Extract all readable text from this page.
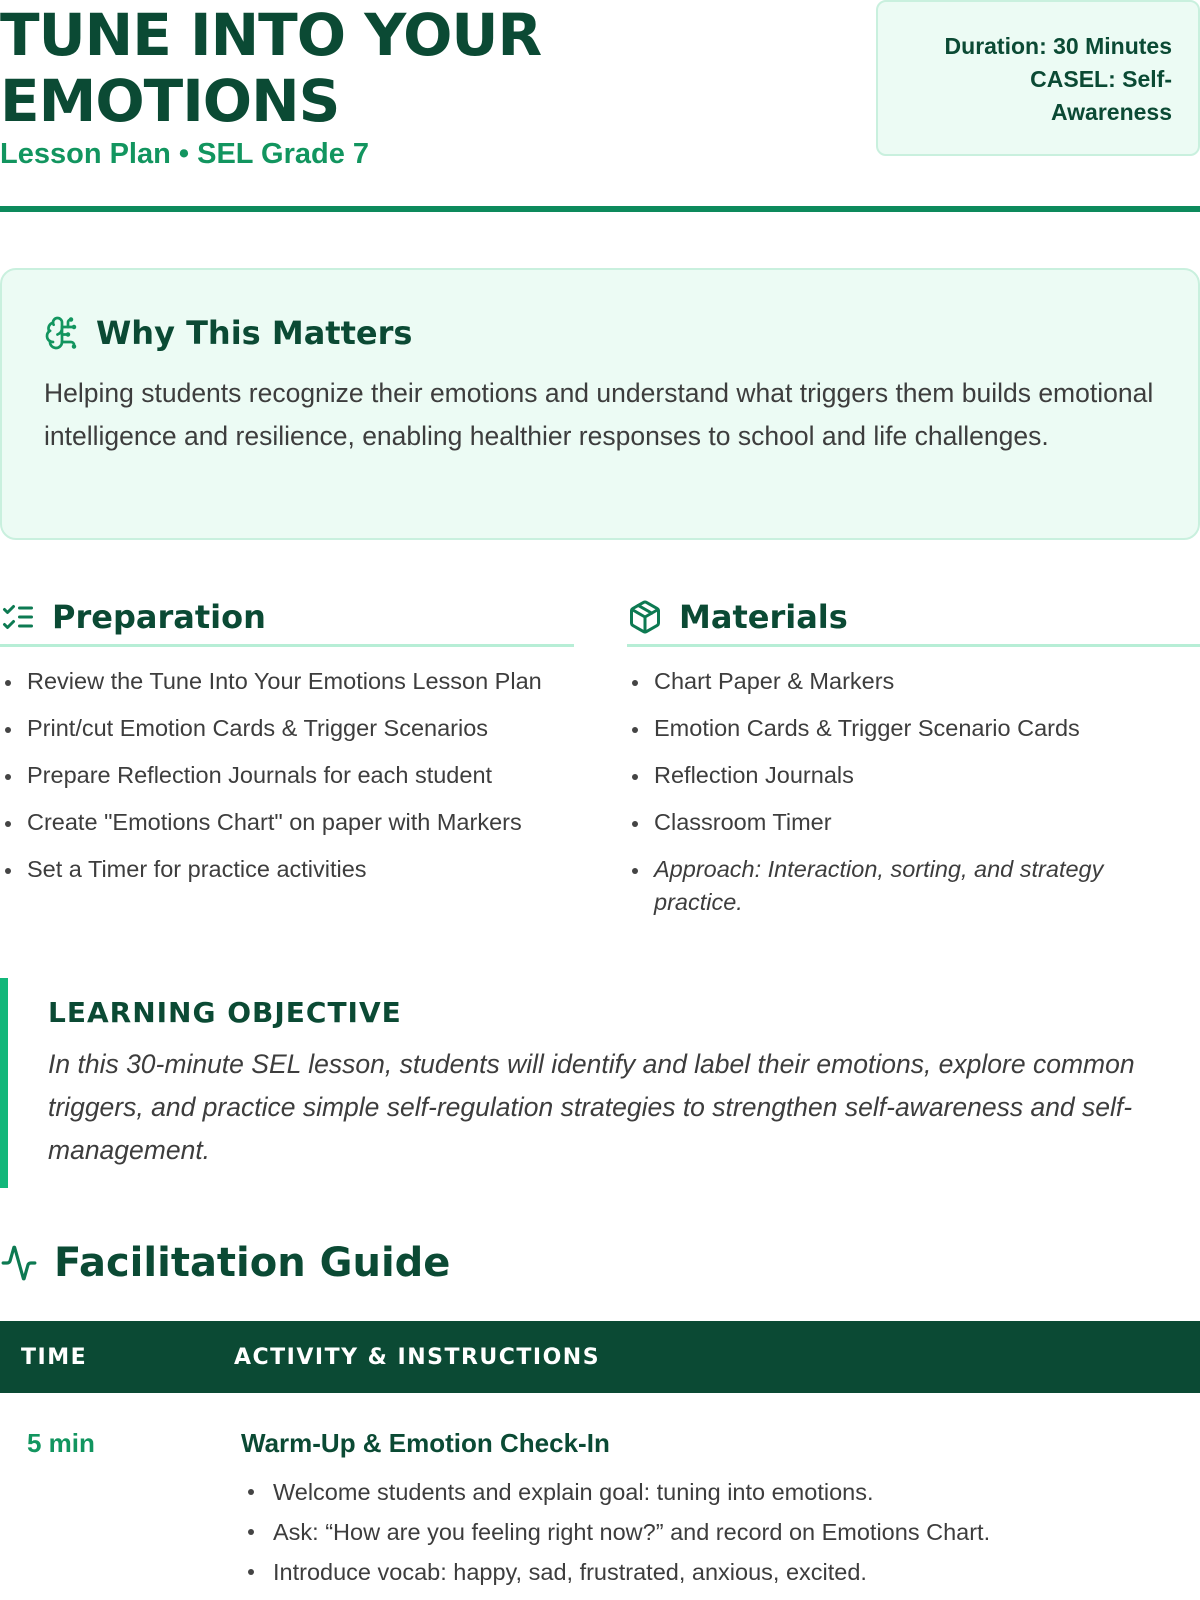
TUNE INTO YOUR EMOTIONS
Lesson Plan • SEL Grade 7
Duration: 30 Minutes
CASEL: Self-Awareness
Why This Matters

Helping students recognize their emotions and understand what triggers them builds emotional intelligence and resilience, enabling healthier responses to school and life challenges.

Preparation
Review the Tune Into Your Emotions Lesson Plan
Print/cut Emotion Cards & Trigger Scenarios
Prepare Reflection Journals for each student
Create "Emotions Chart" on paper with Markers
Set a Timer for practice activities
Materials
Chart Paper & Markers
Emotion Cards & Trigger Scenario Cards
Reflection Journals
Classroom Timer
Approach: Interaction, sorting, and strategy practice.
LEARNING OBJECTIVE

In this 30-minute SEL lesson, students will identify and label their emotions, explore common triggers, and practice simple self-regulation strategies to strengthen self-awareness and self-management.

Facilitation Guide
TIME	ACTIVITY & INSTRUCTIONS
5 min	Warm-Up & Emotion Check-In
Welcome students and explain goal: tuning into emotions.
Ask: “How are you feeling right now?” and record on Emotions Chart.
Introduce vocab: happy, sad, frustrated, anxious, excited.
